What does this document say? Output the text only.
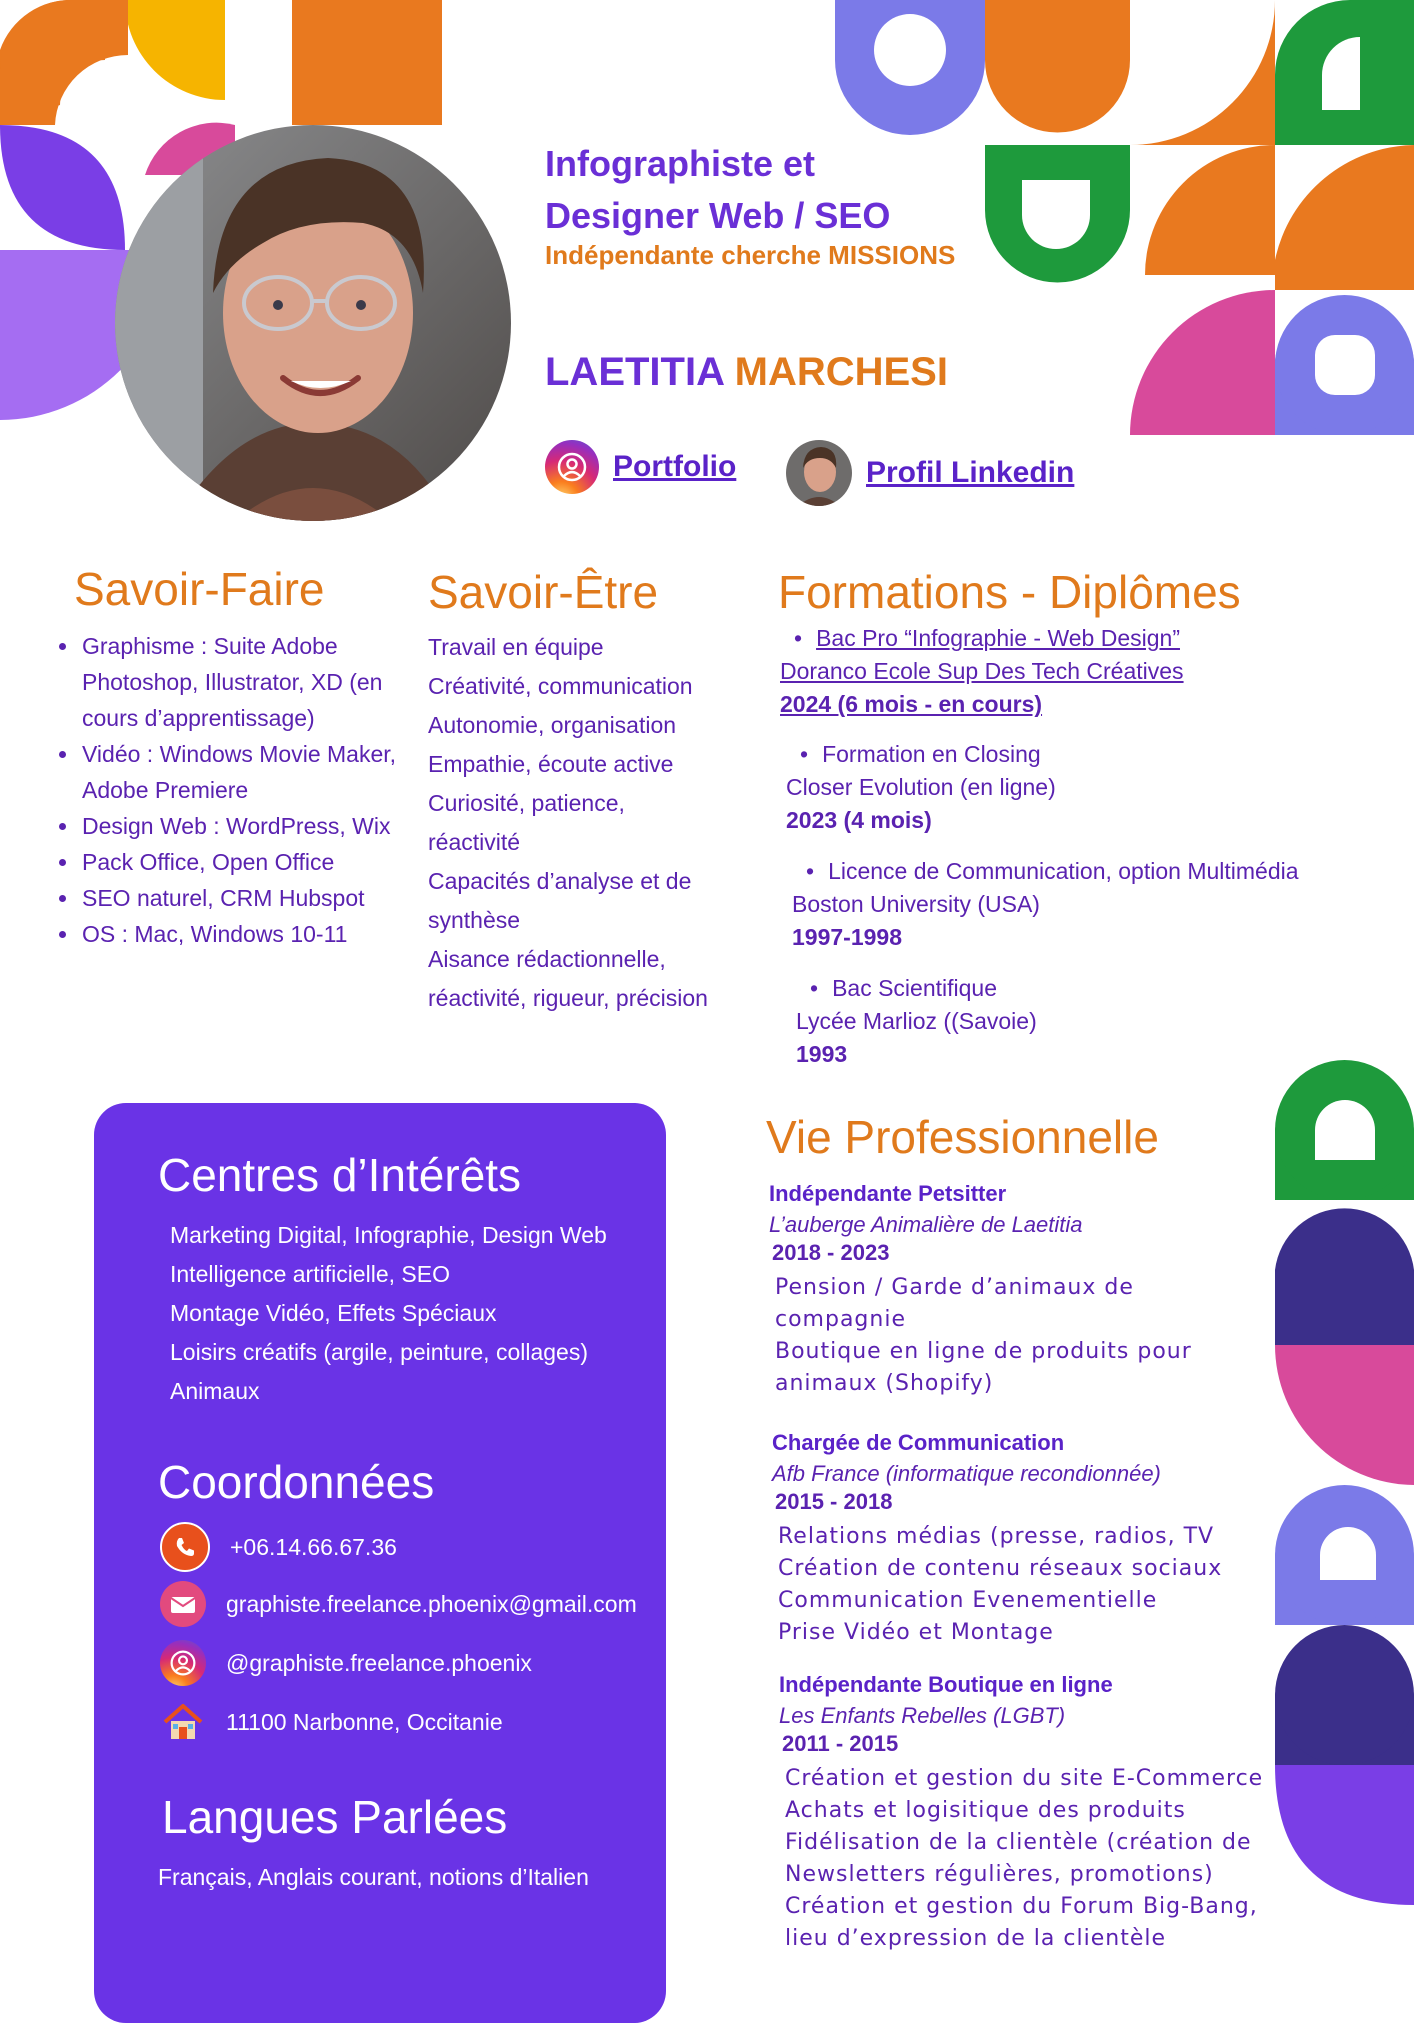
Infographiste et
Designer Web / SEO
Indépendante cherche MISSIONS
LAETITIA MARCHESI
Portfolio	Profil Linkedin
Savoir-Faire
• Graphisme : Suite Adobe Photoshop, Illustrator, XD (en cours d’apprentissage)
• Vidéo : Windows Movie Maker, Adobe Premiere
• Design Web : WordPress, Wix
• Pack Office, Open Office
• SEO naturel, CRM Hubspot
• OS : Mac, Windows 10-11
Savoir-Être
Travail en équipe
Créativité, communication
Autonomie, organisation
Empathie, écoute active
Curiosité, patience,
réactivité
Capacités d’analyse et de
synthèse
Aisance rédactionnelle,
réactivité, rigueur, précision
Formations - Diplômes
• Bac Pro “Infographie - Web Design”
Doranco Ecole Sup Des Tech Créatives
2024 (6 mois - en cours)
• Formation en Closing
Closer Evolution (en ligne)
2023 (4 mois)
• Licence de Communication, option Multimédia
Boston University (USA)
1997-1998
• Bac Scientifique
Lycée Marlioz ((Savoie)
1993
Centres d’Intérêts
Marketing Digital, Infographie, Design Web
Intelligence artificielle, SEO
Montage Vidéo, Effets Spéciaux
Loisirs créatifs (argile, peinture, collages)
Animaux
Coordonnées
+06.14.66.67.36
graphiste.freelance.phoenix@gmail.com
@graphiste.freelance.phoenix
11100 Narbonne, Occitanie
Langues Parlées
Français, Anglais courant, notions d’Italien
Vie Professionnelle
Indépendante Petsitter
L’auberge Animalière de Laetitia
2018 - 2023
Pension / Garde d’animaux de
compagnie
Boutique en ligne de produits pour
animaux (Shopify)
Chargée de Communication
Afb France (informatique recondionnée)
2015 - 2018
Relations médias (presse, radios, TV
Création de contenu réseaux sociaux
Communication Evenementielle
Prise Vidéo et Montage
Indépendante Boutique en ligne
Les Enfants Rebelles (LGBT)
2011 - 2015
Création et gestion du site E-Commerce
Achats et logisitique des produits
Fidélisation de la clientèle (création de
Newsletters régulières, promotions)
Création et gestion du Forum Big-Bang,
lieu d’expression de la clientèle
